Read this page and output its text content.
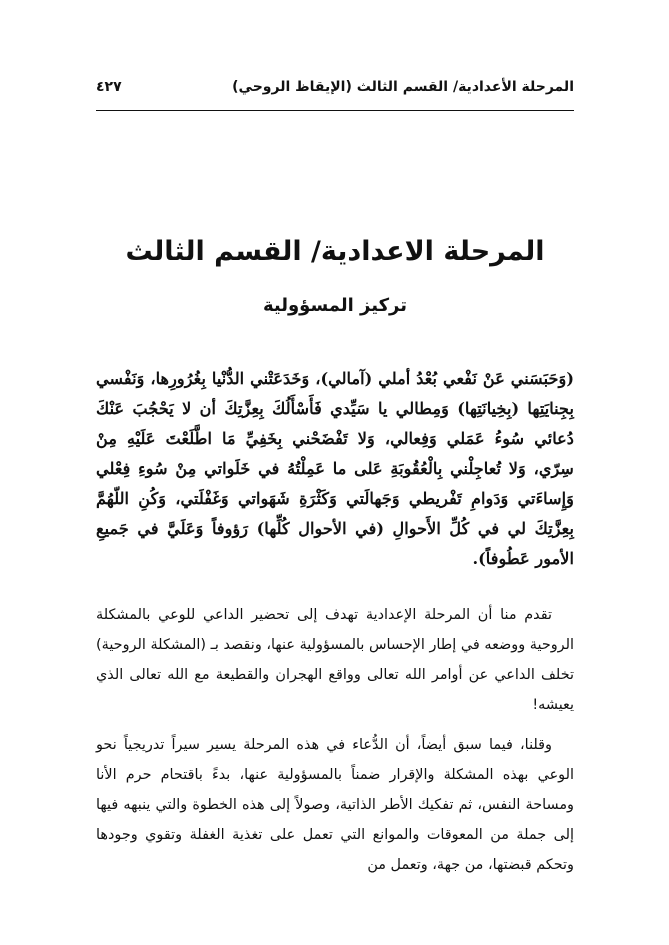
المرحلة الأعدادية/ القسم الثالث (الإيقاظ الروحي)
٤٢٧
المرحلة الاعدادية/ القسم الثالث
تركيز المسؤولية

(وَحَبَسَني عَنْ نَفْعي بُعْدُ أملي (آمالي)، وَخَدَعَتْني الدُّنْيا بِغُرُورِها، وَنَفْسي بِجِنايَتِها (بِخِيانَتِها) وَمِطالي يا سَيِّدي فَأَسْأَلُكَ بِعِزَّتِكَ أن لا يَحْجُبَ عَنْكَ دُعائي سُوءُ عَمَلي وَفِعالي، وَلا تَفْضَحْني بِخَفِيِّ مَا اطَّلَعْتَ عَلَيْهِ مِنْ سِرّي، وَلا تُعاجِلْني بِالْعُقُوبَةِ عَلى ما عَمِلْتُهُ في خَلَواتي مِنْ سُوءِ فِعْلي وَإِساءَتي وَدَوامِ تَفْريطي وَجَهالَتي وَكَثْرَةِ شَهَواتي وَغَفْلَتي، وَكُنِ اللّهُمَّ بِعِزَّتِكَ لي في كُلِّ الأَحوالِ (في الأحوال كُلِّها) رَؤوفاً وَعَلَيَّ في جَميعِ الأمور عَطُوفاً).

تقدم منا أن المرحلة الإعدادية تهدف إلى تحضير الداعي للوعي بالمشكلة الروحية ووضعه في إطار الإحساس بالمسؤولية عنها، ونقصد بـ (المشكلة الروحية) تخلف الداعي عن أوامر الله تعالى وواقع الهجران والقطيعة مع الله تعالى الذي يعيشه!

وقلنا، فيما سبق أيضاً، أن الدُّعاء في هذه المرحلة يسير سيراً تدريجياً نحو الوعي بهذه المشكلة والإقرار ضمناً بالمسؤولية عنها، بدءً باقتحام حرم الأنا ومساحة النفس، ثم تفكيك الأطر الذاتية، وصولاً إلى هذه الخطوة والتي ينبهه فيها إلى جملة من المعوقات والموانع التي تعمل على تغذية الغفلة وتقوي وجودها وتحكم قبضتها، من جهة، وتعمل من
